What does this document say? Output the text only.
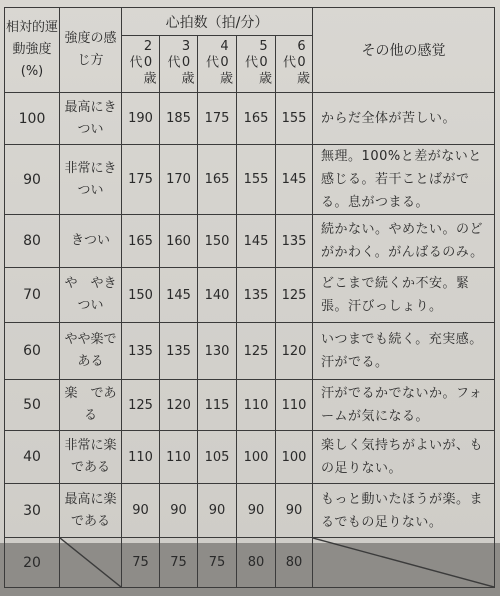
相対的運動強度(%)	強度の感じ方	心拍数（拍/分）					その他の感覚
		20歳代	30歳代	40歳代	50歳代	60歳代	
100	最高にきつい	190	185	175	165	155	からだ全体が苦しい。
90	非常にきつい	175	170	165	155	145	無理。100%と差がないと感じる。若干ことばがでる。息がつまる。
80	きつい	165	160	150	145	135	続かない。やめたい。のどがかわく。がんばるのみ。
70	や　やきつい	150	145	140	135	125	どこまで続くか不安。緊張。汗びっしょり。
60	やや楽である	135	135	130	125	120	いつまでも続く。充実感。汗がでる。
50	楽　であ　る	125	120	115	110	110	汗がでるかでないか。フォームが気になる。
40	非常に楽である	110	110	105	100	100	楽しく気持ちがよいが、もの足りない。
30	最高に楽である	90	90	90	90	90	もっと動いたほうが楽。まるでもの足りない。
20		75	75	75	80	80	
